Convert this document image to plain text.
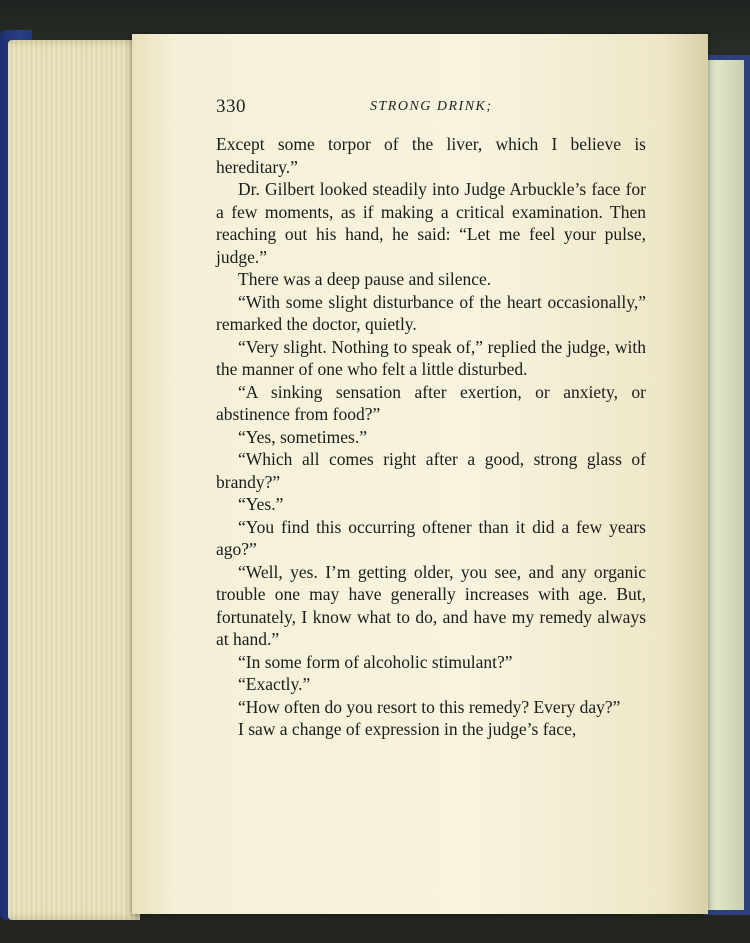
330	STRONG DRINK;

Except some torpor of the liver, which I believe is hereditary.”

Dr. Gilbert looked steadily into Judge Arbuckle’s face for a few moments, as if making a critical examination. Then reaching out his hand, he said: “Let me feel your pulse, judge.”

There was a deep pause and silence.

“With some slight disturbance of the heart occasionally,” remarked the doctor, quietly.

“Very slight. Nothing to speak of,” replied the judge, with the manner of one who felt a little disturbed.

“A sinking sensation after exertion, or anxiety, or abstinence from food?”

“Yes, sometimes.”

“Which all comes right after a good, strong glass of brandy?”

“Yes.”

“You find this occurring oftener than it did a few years ago?”

“Well, yes. I’m getting older, you see, and any organic trouble one may have generally increases with age. But, fortunately, I know what to do, and have my remedy always at hand.”

“In some form of alcoholic stimulant?”

“Exactly.”

“How often do you resort to this remedy? Every day?”

I saw a change of expression in the judge’s face,
